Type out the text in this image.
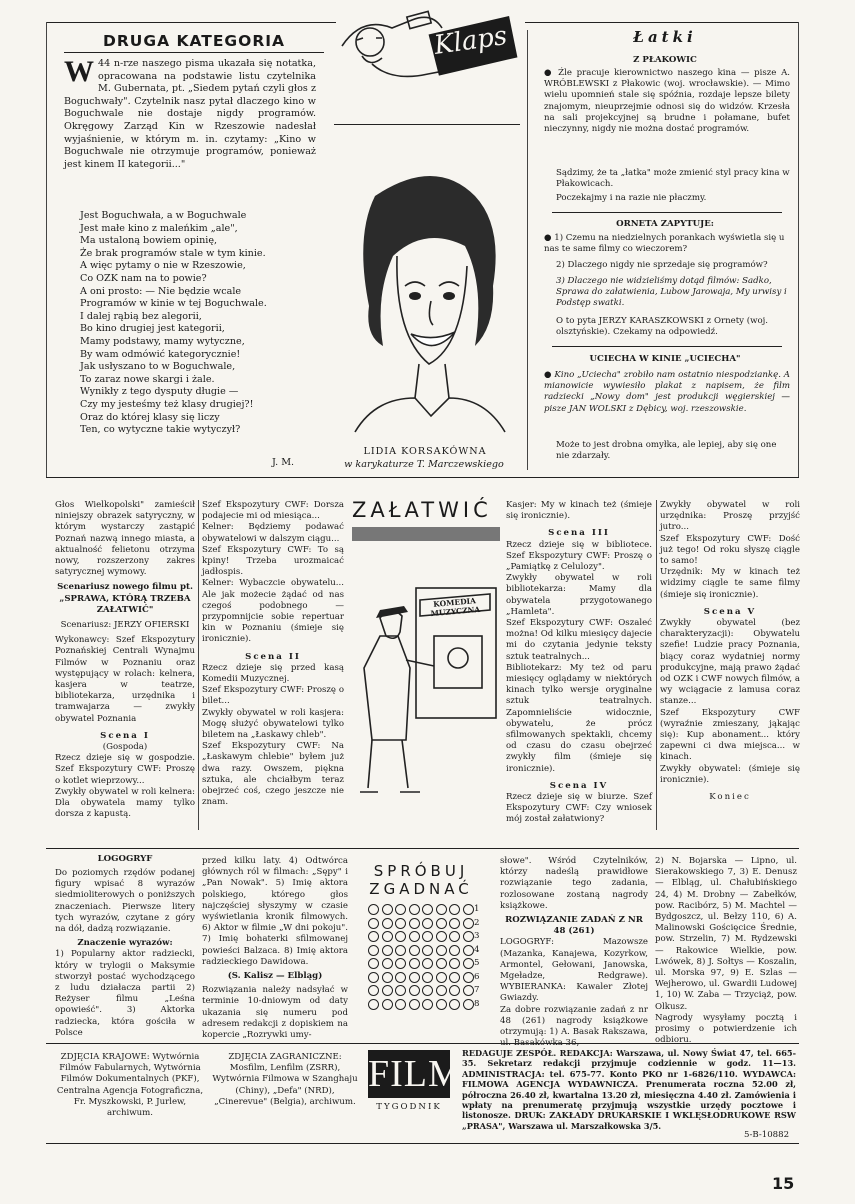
DRUGA KATEGORIA
W 44 n-rze naszego pisma ukazała się notatka, opracowana na podstawie listu czytelnika M. Gubernata, pt. „Siedem pytań czyli głos z Boguchwały". Czytelnik nasz pytał dlaczego kino w Boguchwale nie dostaje nigdy programów. Okręgowy Zarząd Kin w Rzeszowie nadesłał wyjaśnienie, w którym m. in. czytamy: „Kino w Boguchwale nie otrzymuje programów, ponieważ jest kinem II kategorii..."

Jest Boguchwała, a w Boguchwale

Jest małe kino z maleńkim „ale",

Ma ustaloną bowiem opinię,

Że brak programów stale w tym kinie.

A więc pytamy o nie w Rzeszowie,

Co OZK nam na to powie?

A oni prosto: — Nie będzie wcale

Programów w kinie w tej Boguchwale.

I dalej rąbią bez alegorii,

Bo kino drugiej jest kategorii,

Mamy podstawy, mamy wytyczne,

By wam odmówić kategorycznie!

Jak usłyszano to w Boguchwale,

To zaraz nowe skargi i żale.

Wynikły z tego dysputy długie —

Czy my jesteśmy też klasy drugiej?!

Oraz do której klasy się liczy

Ten, co wytyczne takie wytyczył?

J. M.
Klaps
LIDIA KORSAKÓWNA
w karykaturze T. Marczewskiego
Łatki
Z PŁAKOWIC
● Źle pracuje kierownictwo naszego kina — pisze A. WRÓBLEWSKI z Płakowic (woj. wrocławskie). — Mimo wielu upomnień stale się spóźnia, rozdaje lepsze bilety znajomym, nieuprzejmie odnosi się do widzów. Krzesła na sali projekcyjnej są brudne i połamane, bufet nieczynny, nigdy nie można dostać programów.
Sądzimy, że ta „łatka" może zmienić styl pracy kina w Płakowicach.
Poczekajmy i na razie nie płaczmy.
ORNETA ZAPYTUJE:
● 1) Czemu na niedzielnych porankach wyświetla się u nas te same filmy co wieczorem?
2) Dlaczego nigdy nie sprzedaje się programów?
3) Dlaczego nie widzieliśmy dotąd filmów: Sadko, Sprawa do załatwienia, Lubow Jarowaja, My urwisy i Podstęp swatki.
O to pyta JERZY KARASZKOWSKI z Ornety (woj. olsztyńskie). Czekamy na odpowiedź.
UCIECHA W KINIE „UCIECHA"
● Kino „Uciecha" zrobiło nam ostatnio niespodziankę. A mianowicie wywiesiło plakat z napisem, że film radziecki „Nowy dom" jest produkcji węgierskiej — pisze JAN WOLSKI z Dębicy, woj. rzeszowskie.
Może to jest drobna omyłka, ale lepiej, aby się one nie zdarzały.
ZAŁATWIĆ
Głos Wielkopolski" zamieścił niniejszy obrazek satyryczny, w którym wystarczy zastąpić Poznań nazwą innego miasta, a aktualność felietonu otrzyma nowy, rozszerzony zakres satyrycznej wymowy.
Scenariusz nowego filmu pt. „SPRAWA, KTÓRĄ TRZEBA ZAŁATWIĆ"
Scenariusz: JERZY OFIERSKI
Wykonawcy: Szef Ekspozytury Poznańskiej Centrali Wynajmu Filmów w Poznaniu oraz występujący w rolach: kelnera, kasjera w teatrze, bibliotekarza, urzędnika i tramwajarza — zwykły obywatel Poznania
Scena I
(Gospoda)
Rzecz dzieje się w gospodzie. Szef Ekspozytury CWF: Proszę o kotlet wieprzowy...
Zwykły obywatel w roli kelnera: Dla obywatela mamy tylko dorsza z kapustą.
Szef Ekspozytury CWF: Dorsza podajecie mi od miesiąca...
Kelner: Będziemy podawać obywatelowi w dalszym ciągu...
Szef Ekspozytury CWF: To są kpiny! Trzeba urozmaicać jadłospis.
Kelner: Wybaczcie obywatelu... Ale jak możecie żądać od nas czegoś podobnego — przypomnijcie sobie repertuar kin w Poznaniu (śmieje się ironicznie).
Scena II
Rzecz dzieje się przed kasą Komedii Muzycznej.
Szef Ekspozytury CWF: Proszę o bilet...
Zwykły obywatel w roli kasjera: Mogę służyć obywatelowi tylko biletem na „Łaskawy chleb".
Szef Ekspozytury CWF: Na „Łaskawym chlebie" byłem już dwa razy. Owszem, piękna sztuka, ale chciałbym teraz obejrzeć coś, czego jeszcze nie znam.
KOMEDIA MUZYCZNA
Kasjer: My w kinach też (śmieje się ironicznie).
Scena III
Rzecz dzieje się w bibliotece. Szef Ekspozytury CWF: Proszę o „Pamiątkę z Celulozy".
Zwykły obywatel w roli bibliotekarza: Mamy dla obywatela przygotowanego „Hamleta".
Szef Ekspozytury CWF: Oszaleć można! Od kilku miesięcy dajecie mi do czytania jedynie teksty sztuk teatralnych...
Bibliotekarz: My też od paru miesięcy oglądamy w niektórych kinach tylko wersje oryginalne sztuk teatralnych. Zapomnieliście widocznie, obywatelu, że prócz sfilmowanych spektakli, chcemy od czasu do czasu obejrzeć zwykły film (śmieje się ironicznie).
Scena IV
Rzecz dzieje się w biurze. Szef Ekspozytury CWF: Czy wniosek mój został załatwiony?
Zwykły obywatel w roli urzędnika: Proszę przyjść jutro...
Szef Ekspozytury CWF: Dość już tego! Od roku słyszę ciągle to samo!
Urzędnik: My w kinach też widzimy ciągle te same filmy (śmieje się ironicznie).
Scena V
Zwykły obywatel (bez charakteryzacji): Obywatelu szefie! Ludzie pracy Poznania, biący coraz wydatniej normy produkcyjne, mają prawo żądać od OZK i CWF nowych filmów, a wy wciągacie z lamusa coraz stanze...
Szef Ekspozytury CWF (wyraźnie zmieszany, jąkając się): Kup abonament... który zapewni ci dwa miejsca... w kinach.
Zwykły obywatel: (śmieje się ironicznie).
Koniec
LOGOGRYF
Do poziomych rzędów podanej figury wpisać 8 wyrazów siedmioliterowych o poniższych znaczeniach. Pierwsze litery tych wyrazów, czytane z góry na dół, dadzą rozwiązanie.
Znaczenie wyrazów:
1) Popularny aktor radziecki, który w trylogii o Maksymie stworzył postać wychodzącego z ludu działacza partii 2) Reżyser filmu „Leśna opowieść". 3) Aktorka radziecka, która gościła w Polsce
przed kilku laty. 4) Odtwórca głównych ról w filmach: „Sępy" i „Pan Nowak". 5) Imię aktora polskiego, którego głos najczęściej słyszymy w czasie wyświetlania kronik filmowych. 6) Aktor w filmie „W dni pokoju". 7) Imię bohaterki sfilmowanej powieści Balzaca. 8) Imię aktora radzieckiego Dawidowa.
(S. Kalisz — Elbląg)
Rozwiązania należy nadsyłać w terminie 10-dniowym od daty ukazania się numeru pod adresem redakcji z dopiskiem na kopercie „Rozrywki umy-
SPRÓBUJ
ZGADNAĆ
1
2
3
4
5
6
7
8
słowe". Wśród Czytelników, którzy nadeślą prawidłowe rozwiązanie tego zadania, rozlosowane zostaną nagrody książkowe.
ROZWIĄZANIE ZADAŃ Z NR 48 (261)
LOGOGRYF: Mazowsze (Mazanka, Kanajewa, Kozyrkow, Armontel, Gełowani, Janowska, Mgeładze, Redgrawe). WYBIERANKA: Kawaler Złotej Gwiazdy.
Za dobre rozwiązanie zadań z nr 48 (261) nagrody książkowe otrzymują: 1) A. Basak Rakszawa, ul. Basakówka 36,
2) N. Bojarska — Lipno, ul. Sierakowskiego 7, 3) E. Denusz — Elbląg, ul. Chałubińskiego 24, 4) M. Drobny — Zabełków, pow. Racibórz, 5) M. Machtel — Bydgoszcz, ul. Bełzy 110, 6) A. Malinowski Gościęcice Średnie, pow. Strzelin, 7) M. Rydzewski — Rakowice Wielkie, pow. Lwówek, 8) J. Sołtys — Koszalin, ul. Morska 97, 9) E. Szlas — Wejherowo, ul. Gwardii Ludowej 1, 10) W. Zaba — Trzyciąż, pow. Olkusz.
Nagrody wysyłamy pocztą i prosimy o potwierdzenie ich odbioru.
ZDJĘCIA KRAJOWE: Wytwórnia Filmów Fabularnych, Wytwórnia Filmów Dokumentalnych (PKF), Centralna Agencja Fotograficzna, Fr. Myszkowski, P. Jurlew, archiwum.
ZDJĘCIA ZAGRANICZNE: Mosfilm, Lenfilm (ZSRR), Wytwórnia Filmowa w Szanghaju (Chiny), „Defa" (NRD), „Cinerevue" (Belgia), archiwum.
FILM
TYGODNIK
REDAGUJE ZESPÓŁ. REDAKCJA: Warszawa, ul. Nowy Świat 47, tel. 665-35. Sekretarz redakcji przyjmuje codziennie w godz. 11—13. ADMINISTRACJA: tel. 675-77. Konto PKO nr 1-6826/110. WYDAWCA: FILMOWA AGENCJA WYDAWNICZA. Prenumerata roczna 52.00 zł, półroczna 26.40 zł, kwartalna 13.20 zł, miesięczna 4.40 zł. Zamówienia i wpłaty na prenumeratę przyjmują wszystkie urzędy pocztowe i listonosze. DRUK: ZAKŁADY DRUKARSKIE I WKLĘSŁODRUKOWE RSW „PRASA", Warszawa ul. Marszałkowska 3/5.
5-B-10882
15
